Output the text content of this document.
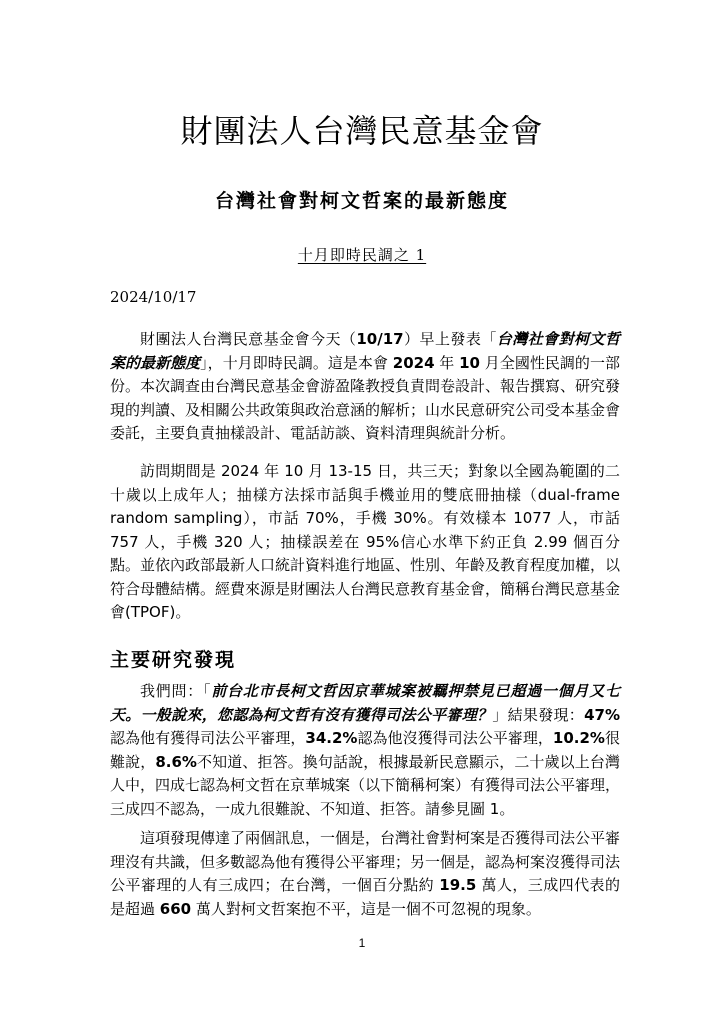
財團法人台灣民意基金會
台灣社會對柯文哲案的最新態度
十月即時民調之 1
2024/10/17

財團法人台灣民意基金會今天（10/17）早上發表「台灣社會對柯文哲案的最新態度」，十月即時民調。這是本會 2024 年 10 月全國性民調的一部份。本次調查由台灣民意基金會游盈隆教授負責問卷設計、報告撰寫、研究發現的判讀、及相關公共政策與政治意涵的解析；山水民意研究公司受本基金會委託，主要負責抽樣設計、電話訪談、資料清理與統計分析。

訪問期間是 2024 年 10 月 13-15 日，共三天；對象以全國為範圍的二十歲以上成年人；抽樣方法採市話與手機並用的雙底冊抽樣（dual-frame random sampling），市話 70%，手機 30%。有效樣本 1077 人，市話 757 人，手機 320 人；抽樣誤差在 95%信心水準下約正負 2.99 個百分點。並依內政部最新人口統計資料進行地區、性別、年齡及教育程度加權，以符合母體結構。經費來源是財團法人台灣民意教育基金會，簡稱台灣民意基金會(TPOF)。

主要研究發現

我們問：「前台北市長柯文哲因京華城案被羈押禁見已超過一個月又七天。一般說來，您認為柯文哲有沒有獲得司法公平審理？」結果發現：47%認為他有獲得司法公平審理，34.2%認為他沒獲得司法公平審理，10.2%很難說，8.6%不知道、拒答。換句話說，根據最新民意顯示，二十歲以上台灣人中，四成七認為柯文哲在京華城案（以下簡稱柯案）有獲得司法公平審理，三成四不認為，一成九很難說、不知道、拒答。請參見圖 1。

這項發現傳達了兩個訊息，一個是，台灣社會對柯案是否獲得司法公平審理沒有共識，但多數認為他有獲得公平審理；另一個是，認為柯案沒獲得司法公平審理的人有三成四；在台灣，一個百分點約 19.5 萬人，三成四代表的是超過 660 萬人對柯文哲案抱不平，這是一個不可忽視的現象。

1
